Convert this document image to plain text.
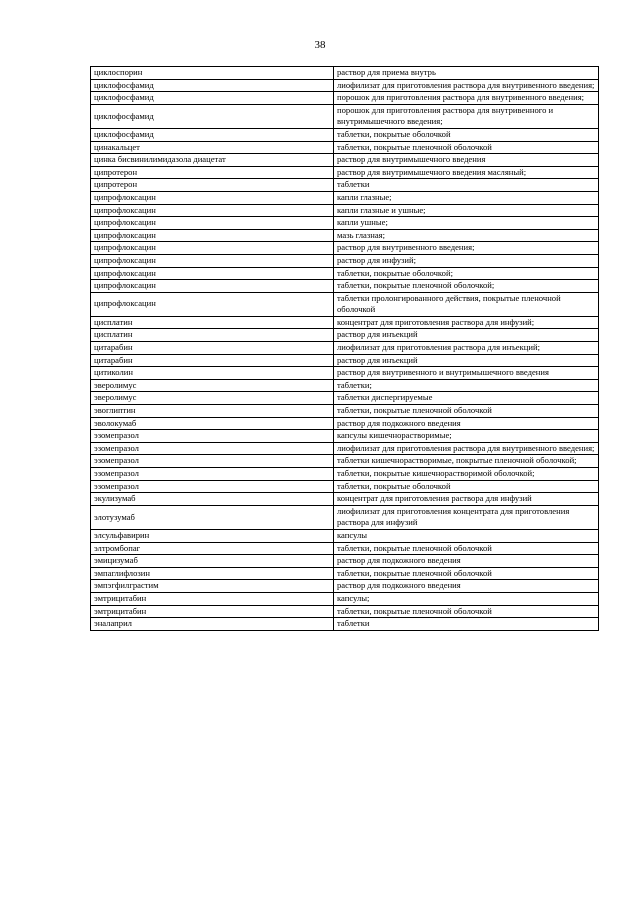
38
циклоспорин	раствор для приема внутрь
циклофосфамид	лиофилизат для приготовления раствора для внутривенного введения;
циклофосфамид	порошок для приготовления раствора для внутривенного введения;
циклофосфамид	порошок для приготовления раствора для внутривенного и внутримышечного введения;
циклофосфамид	таблетки, покрытые оболочкой
цинакальцет	таблетки, покрытые пленочной оболочкой
цинка бисвинилимидазола диацетат	раствор для внутримышечного введения
ципротерон	раствор для внутримышечного введения масляный;
ципротерон	таблетки
ципрофлоксацин	капли глазные;
ципрофлоксацин	капли глазные и ушные;
ципрофлоксацин	капли ушные;
ципрофлоксацин	мазь глазная;
ципрофлоксацин	раствор для внутривенного введения;
ципрофлоксацин	раствор для инфузий;
ципрофлоксацин	таблетки, покрытые оболочкой;
ципрофлоксацин	таблетки, покрытые пленочной оболочкой;
ципрофлоксацин	таблетки пролонгированного действия, покрытые пленочной оболочкой
цисплатин	концентрат для приготовления раствора для инфузий;
цисплатин	раствор для инъекций
цитарабин	лиофилизат для приготовления раствора для инъекций;
цитарабин	раствор для инъекций
цитиколин	раствор для внутривенного и внутримышечного введения
эверолимус	таблетки;
эверолимус	таблетки диспергируемые
эвоглиптин	таблетки, покрытые пленочной оболочкой
эволокумаб	раствор для подкожного введения
эзомепразол	капсулы кишечнорастворимые;
эзомепразол	лиофилизат для приготовления раствора для внутривенного введения;
эзомепразол	таблетки кишечнорастворимые, покрытые пленочной оболочкой;
эзомепразол	таблетки, покрытые кишечнорастворимой оболочкой;
эзомепразол	таблетки, покрытые оболочкой
экулизумаб	концентрат для приготовления раствора для инфузий
элотузумаб	лиофилизат для приготовления концентрата для приготовления раствора для инфузий
элсульфавирин	капсулы
элтромбопаг	таблетки, покрытые пленочной оболочкой
эмицизумаб	раствор для подкожного введения
эмпаглифлозин	таблетки, покрытые пленочной оболочкой
эмпэгфилграстим	раствор для подкожного введения
эмтрицитабин	капсулы;
эмтрицитабин	таблетки, покрытые пленочной оболочкой
эналаприл	таблетки
